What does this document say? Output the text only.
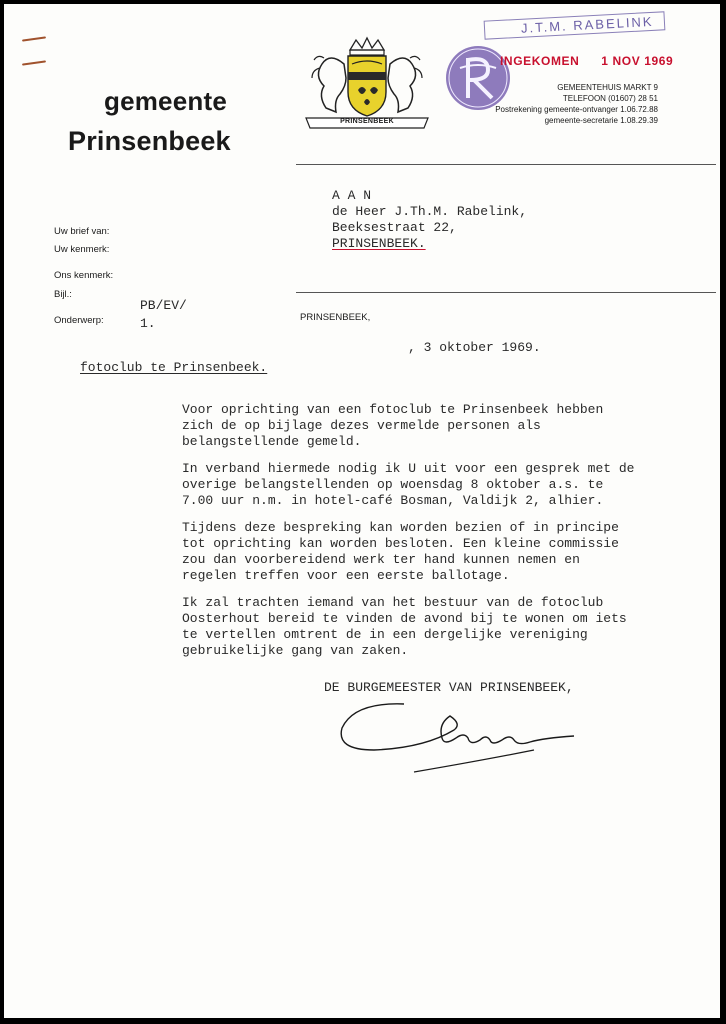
gemeente
Prinsenbeek
PRINSENBEEK
J.T.M. RABELINK
INGEKOMEN 1 NOV 1969
GEMEENTEHUIS MARKT 9
TELEFOON (01607) 28 51
Postrekening gemeente-ontvanger 1.06.72.88
gemeente-secretarie 1.08.29.39
Uw brief van:
Uw kenmerk:
Ons kenmerk:
Bijl.:
Onderwerp:
PB/EV/
1.
A A N
de Heer J.Th.M. Rabelink,
Beeksestraat 22,
PRINSENBEEK.
PRINSENBEEK,
, 3 oktober 1969.
fotoclub te Prinsenbeek.

Voor oprichting van een fotoclub te Prinsenbeek hebben zich de op bijlage dezes vermelde personen als belangstellende gemeld.

In verband hiermede nodig ik U uit voor een gesprek met de overige belangstellenden op woensdag 8 oktober a.s. te 7.00 uur n.m. in hotel-café Bosman, Valdijk 2, alhier.

Tijdens deze bespreking kan worden bezien of in principe tot oprichting kan worden besloten. Een kleine commissie zou dan voorbereidend werk ter hand kunnen nemen en regelen treffen voor een eerste ballotage.

Ik zal trachten iemand van het bestuur van de fotoclub Oosterhout bereid te vinden de avond bij te wonen om iets te vertellen omtrent de in een dergelijke vereniging gebruikelijke gang van zaken.

DE BURGEMEESTER VAN PRINSENBEEK,
